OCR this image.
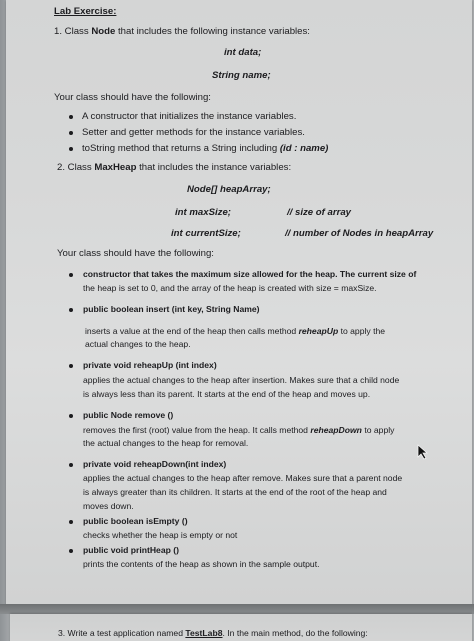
Lab Exercise:
1. Class Node that includes the following instance variables:
int data;
String name;
Your class should have the following:
A constructor that initializes the instance variables.
Setter and getter methods for the instance variables.
toString method that returns a String including (id : name)
2. Class MaxHeap that includes the instance variables:
Node[] heapArray;
int maxSize;	// size of array
int currentSize;	// number of Nodes in heapArray
Your class should have the following:
constructor that takes the maximum size allowed for the heap. The current size of
the heap is set to 0, and the array of the heap is created with size = maxSize.
public boolean insert (int key, String Name)
inserts a value at the end of the heap then calls method reheapUp to apply the
actual changes to the heap.
private void reheapUp (int index)
applies the actual changes to the heap after insertion. Makes sure that a child node
is always less than its parent. It starts at the end of the heap and moves up.
public Node remove ()
removes the first (root) value from the heap. It calls method reheapDown to apply
the actual changes to the heap for removal.
private void reheapDown(int index)
applies the actual changes to the heap after remove. Makes sure that a parent node
is always greater than its children. It starts at the end of the root of the heap and
moves down.
public boolean isEmpty ()
checks whether the heap is empty or not
public void printHeap ()
prints the contents of the heap as shown in the sample output.
3. Write a test application named TestLab8. In the main method, do the following:
